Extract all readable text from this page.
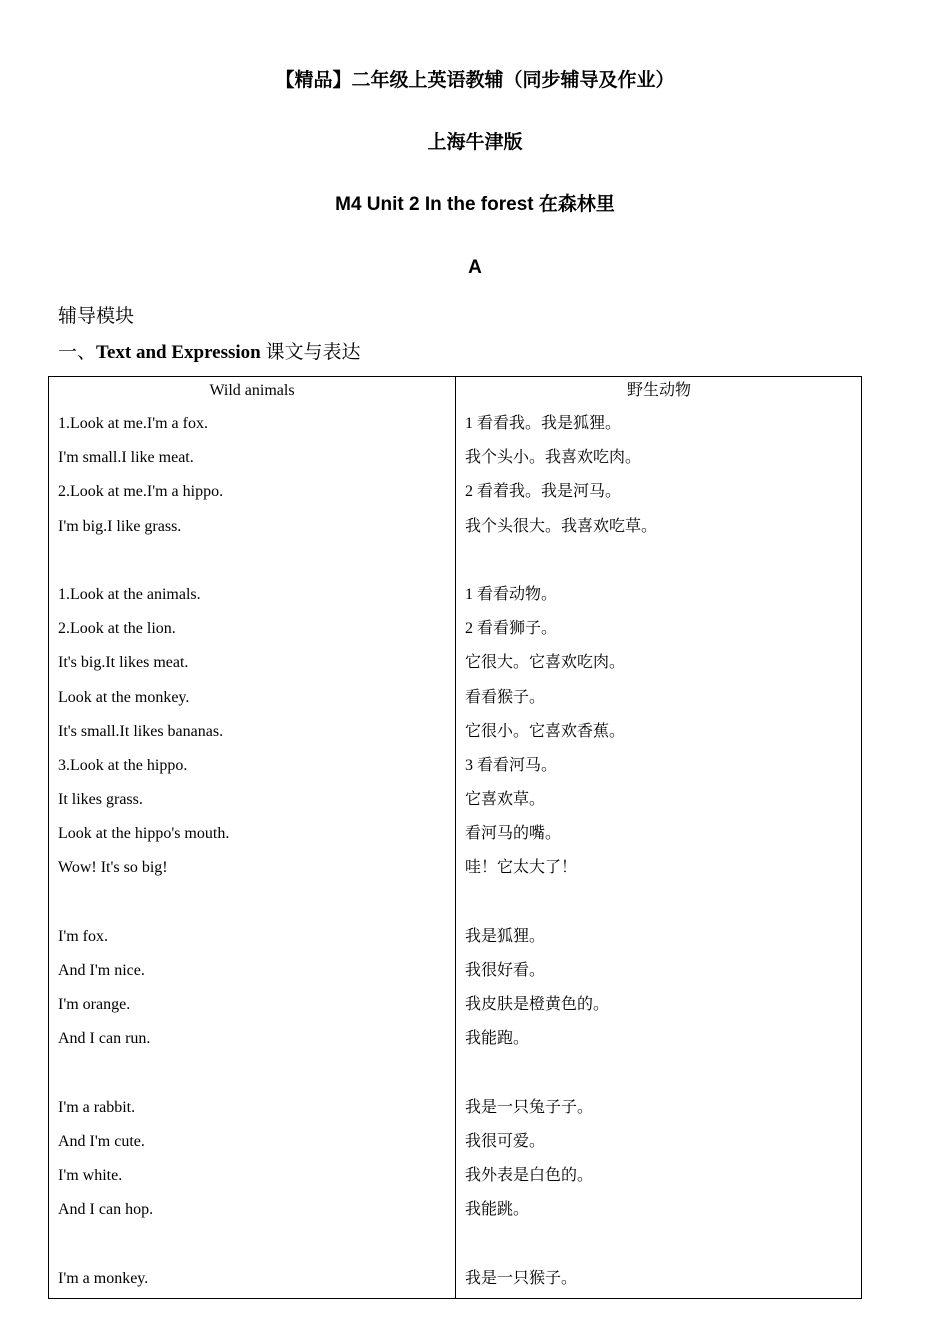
【精品】二年级上英语教辅（同步辅导及作业）
上海牛津版
M4 Unit 2 In the forest 在森林里
A
辅导模块
一、Text and Expression 课文与表达
Wild animals	野生动物
1.Look at me.I'm a fox.
I'm small.I like meat.
2.Look at me.I'm a hippo.
I'm big.I like grass.
1.Look at the animals.
2.Look at the lion.
It's big.It likes meat.
Look at the monkey.
It's small.It likes bananas.
3.Look at the hippo.
It likes grass.
Look at the hippo's mouth.
Wow! It's so big!
I'm fox.
And I'm nice.
I'm orange.
And I can run.
I'm a rabbit.
And I'm cute.
I'm white.
And I can hop.
I'm a monkey.
1 看看我。我是狐狸。
我个头小。我喜欢吃肉。
2 看着我。我是河马。
我个头很大。我喜欢吃草。
1 看看动物。
2 看看狮子。
它很大。它喜欢吃肉。
看看猴子。
它很小。它喜欢香蕉。
3 看看河马。
它喜欢草。
看河马的嘴。
哇！它太大了！
我是狐狸。
我很好看。
我皮肤是橙黄色的。
我能跑。
我是一只兔子子。
我很可爱。
我外表是白色的。
我能跳。
我是一只猴子。
